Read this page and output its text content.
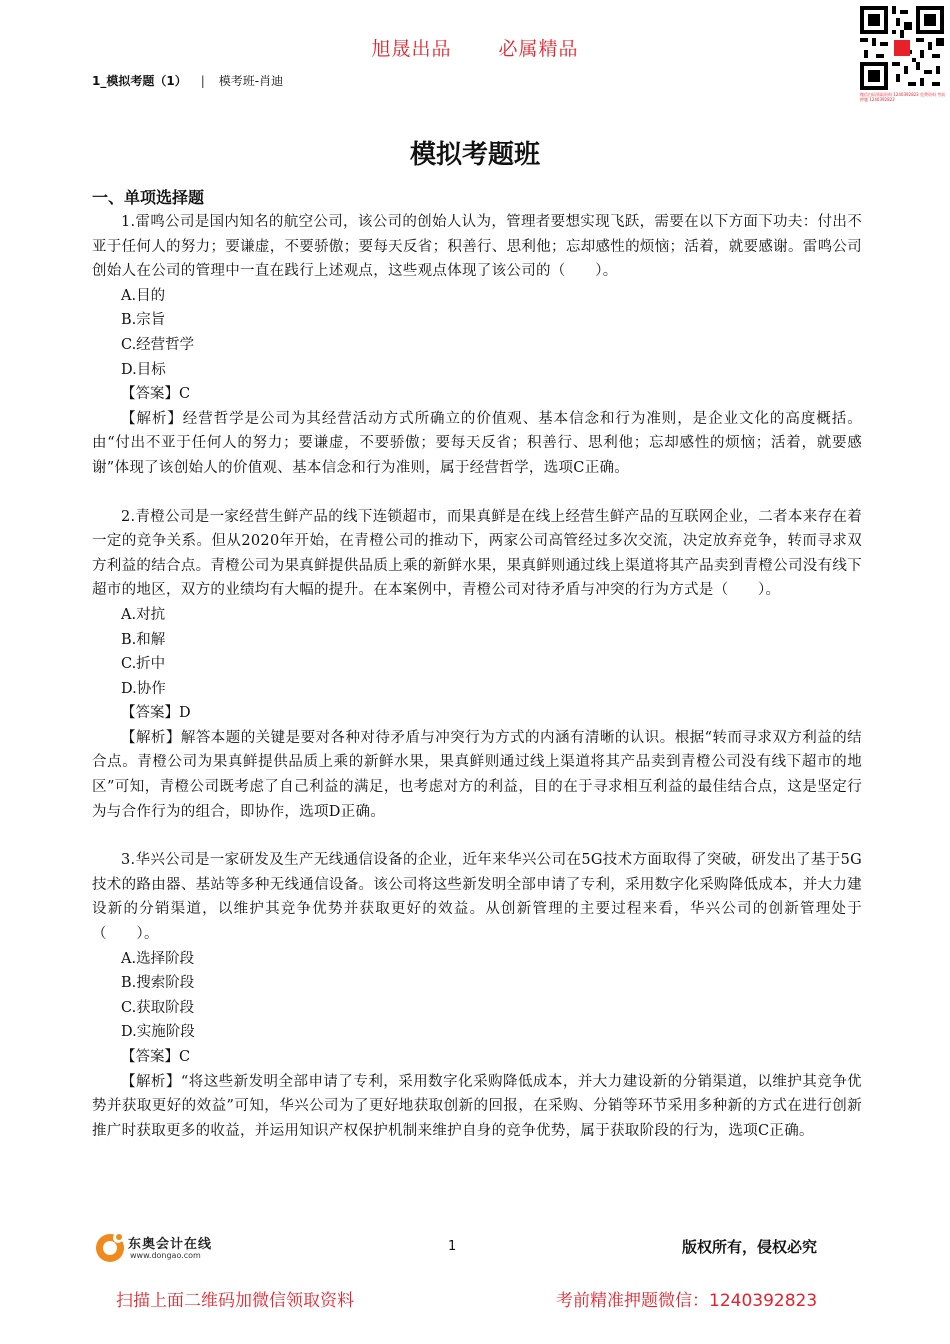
旭晟出品 必属精品
1_模拟考题（1） | 模考班-肖迪
微信扫码领取资料 1240392823 免费资料 考前押题 1240392823
模拟考题班

一、单项选择题

1.雷鸣公司是国内知名的航空公司，该公司的创始人认为，管理者要想实现飞跃，需要在以下方面下功夫：付出不亚于任何人的努力；要谦虚，不要骄傲；要每天反省；积善行、思利他；忘却感性的烦恼；活着，就要感谢。雷鸣公司创始人在公司的管理中一直在践行上述观点，这些观点体现了该公司的（　　）。

A.目的

B.宗旨

C.经营哲学

D.目标

【答案】C

【解析】经营哲学是公司为其经营活动方式所确立的价值观、基本信念和行为准则，是企业文化的高度概括。由“付出不亚于任何人的努力；要谦虚，不要骄傲；要每天反省；积善行、思利他；忘却感性的烦恼；活着，就要感谢”体现了该创始人的价值观、基本信念和行为准则，属于经营哲学，选项C正确。

2.青橙公司是一家经营生鲜产品的线下连锁超市，而果真鲜是在线上经营生鲜产品的互联网企业，二者本来存在着一定的竞争关系。但从2020年开始，在青橙公司的推动下，两家公司高管经过多次交流，决定放弃竞争，转而寻求双方利益的结合点。青橙公司为果真鲜提供品质上乘的新鲜水果，果真鲜则通过线上渠道将其产品卖到青橙公司没有线下超市的地区，双方的业绩均有大幅的提升。在本案例中，青橙公司对待矛盾与冲突的行为方式是（　　）。

A.对抗

B.和解

C.折中

D.协作

【答案】D

【解析】解答本题的关键是要对各种对待矛盾与冲突行为方式的内涵有清晰的认识。根据“转而寻求双方利益的结合点。青橙公司为果真鲜提供品质上乘的新鲜水果，果真鲜则通过线上渠道将其产品卖到青橙公司没有线下超市的地区”可知，青橙公司既考虑了自己利益的满足，也考虑对方的利益，目的在于寻求相互利益的最佳结合点，这是坚定行为与合作行为的组合，即协作，选项D正确。

3.华兴公司是一家研发及生产无线通信设备的企业，近年来华兴公司在5G技术方面取得了突破，研发出了基于5G技术的路由器、基站等多种无线通信设备。该公司将这些新发明全部申请了专利，采用数字化采购降低成本，并大力建设新的分销渠道，以维护其竞争优势并获取更好的效益。从创新管理的主要过程来看，华兴公司的创新管理处于（　　）。

A.选择阶段

B.搜索阶段

C.获取阶段

D.实施阶段

【答案】C

【解析】“将这些新发明全部申请了专利，采用数字化采购降低成本，并大力建设新的分销渠道，以维护其竞争优势并获取更好的效益”可知，华兴公司为了更好地获取创新的回报，在采购、分销等环节采用多种新的方式在进行创新推广时获取更多的收益，并运用知识产权保护机制来维护自身的竞争优势，属于获取阶段的行为，选项C正确。

东奥会计在线
www.dongao.com
1	版权所有，侵权必究
扫描上面二维码加微信领取资料	考前精准押题微信：1240392823
